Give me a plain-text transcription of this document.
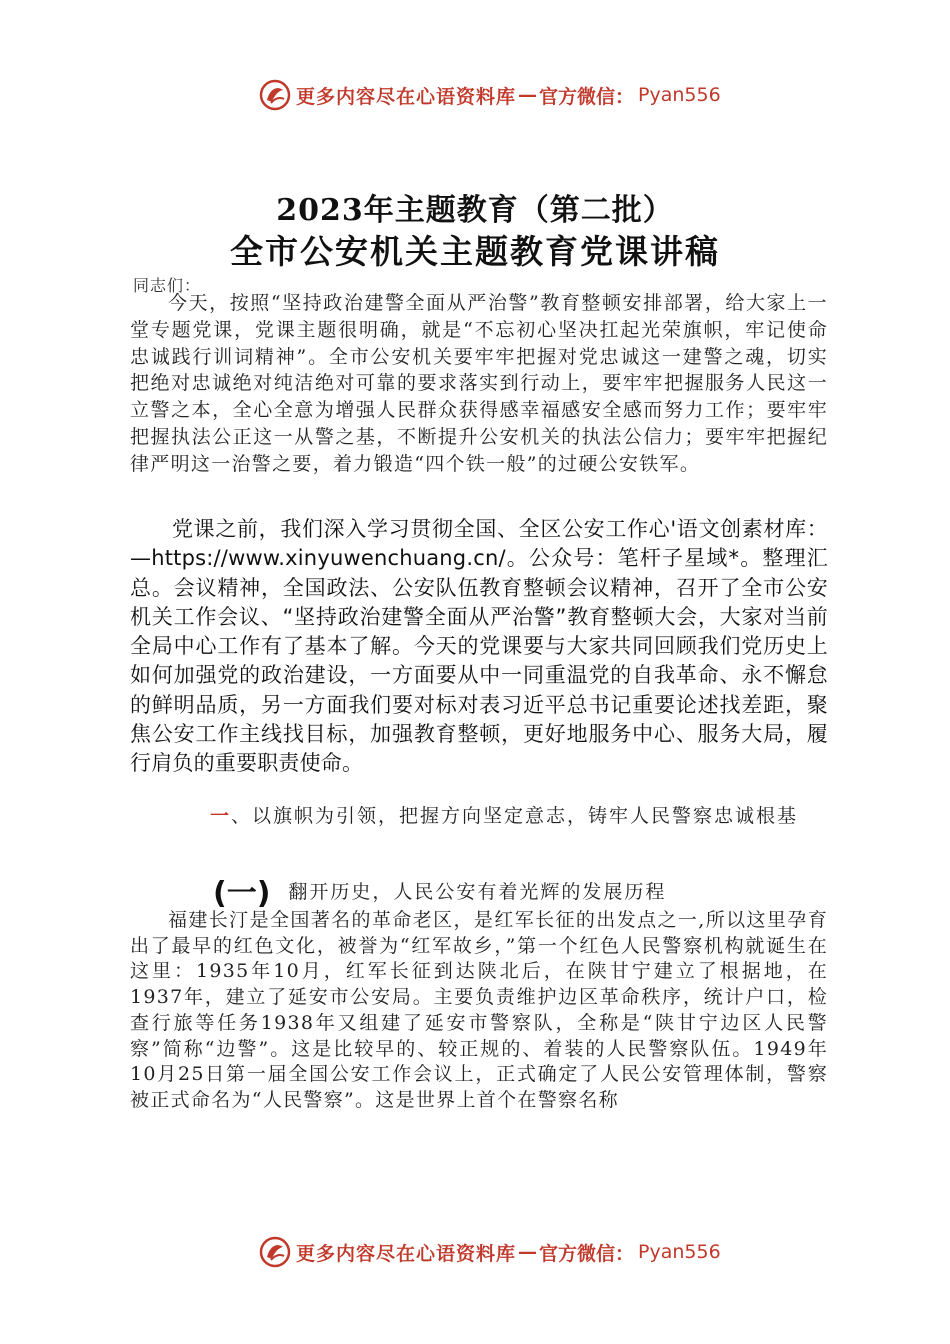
更多内容尽在心语资料库 — 官方微信： Pyan556
2023年主题教育（第二批）
全市公安机关主题教育党课讲稿
同志们：

今天，按照“坚持政治建警全面从严治警”教育整顿安排部署，给大家上一堂专题党课，党课主题很明确，就是“不忘初心坚决扛起光荣旗帜，牢记使命忠诚践行训词精神”。全市公安机关要牢牢把握对党忠诚这一建警之魂，切实把绝对忠诚绝对纯洁绝对可靠的要求落实到行动上，要牢牢把握服务人民这一立警之本，全心全意为增强人民群众获得感幸福感安全感而努力工作；要牢牢把握执法公正这一从警之基，不断提升公安机关的执法公信力；要牢牢把握纪律严明这一治警之要，着力锻造“四个铁一般”的过硬公安铁军。

党课之前，我们深入学习贯彻全国、全区公安工作心'语文创素材库：—https://www.xinyuwenchuang.cn/。公众号：笔杆子星域*。整理汇总。会议精神，全国政法、公安队伍教育整顿会议精神，召开了全市公安机关工作会议、“坚持政治建警全面从严治警”教育整顿大会，大家对当前全局中心工作有了基本了解。今天的党课要与大家共同回顾我们党历史上如何加强党的政治建设，一方面要从中一同重温党的自我革命、永不懈怠的鲜明品质，另一方面我们要对标对表习近平总书记重要论述找差距，聚焦公安工作主线找目标，加强教育整顿，更好地服务中心、服务大局，履行肩负的重要职责使命。

一、以旗帜为引领，把握方向坚定意志，铸牢人民警察忠诚根基
(一) 翻开历史，人民公安有着光辉的发展历程

福建长汀是全国著名的革命老区，是红军长征的出发点之一,所以这里孕育出了最早的红色文化，被誉为“红军故乡，”第一个红色人民警察机构就诞生在这里：1935年10月，红军长征到达陕北后，在陕甘宁建立了根据地，在1937年，建立了延安市公安局。主要负责维护边区革命秩序，统计户口，检查行旅等任务1938年又组建了延安市警察队，全称是“陕甘宁边区人民警察”简称“边警”。这是比较早的、较正规的、着装的人民警察队伍。1949年10月25日第一届全国公安工作会议上，正式确定了人民公安管理体制，警察被正式命名为“人民警察”。这是世界上首个在警察名称

更多内容尽在心语资料库 — 官方微信： Pyan556
